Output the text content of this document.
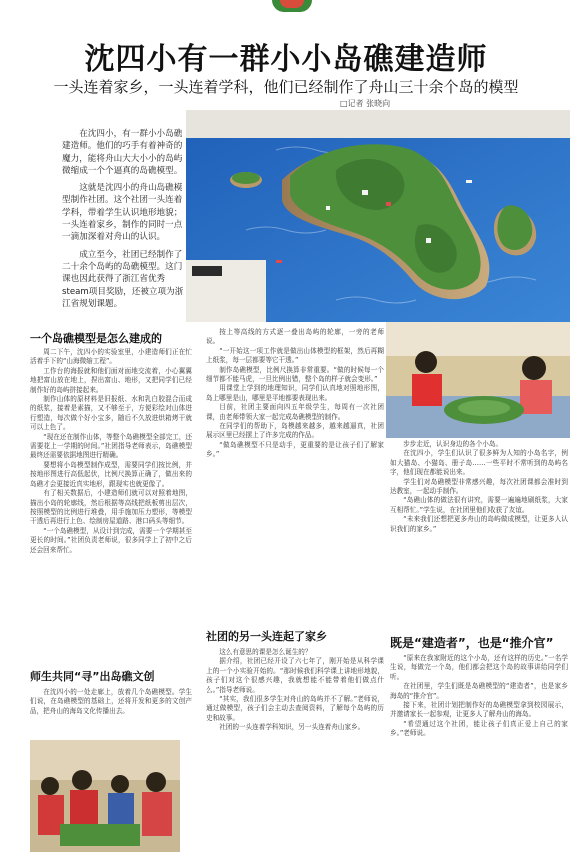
沈四小有一群小小岛礁建造师
一头连着家乡，一头连着学科，他们已经制作了舟山三十余个岛的模型
□记者 张晓向

在沈四小，有一群小小岛礁建造师。他们的巧手有着神奇的魔力，能将舟山大大小小的岛屿微缩成一个个逼真的岛礁模型。

这就是沈四小的舟山岛礁模型制作社团。这个社团一头连着学科，带着学生认识地形地貌；一头连着家乡，制作的同时一点一滴加深着对舟山的认识。

成立至今，社团已经制作了二十余个岛屿的岛礁模型。这门课也因此获得了浙江省优秀steam项目奖励，还被立项为浙江省规划课题。

一个岛礁模型是怎么建成的

周二下午，沈四小的实验室里，小建造师们正在忙活着手下的“山海微缩工程”。

工作台的海报就和他们面对面地交流着，小心翼翼地把富山放在地上，捏出富山、地形，又把同学们已经制作好的岛屿拼接起来。

制作山体的原材料是旧报纸、水和乳白胶混合而成的纸浆，接着是素描，又不够至于，方便彩绘对山体进行塑造，每次做个好小宝多，随后不久放进烘箱烤干就可以上色了。

“现在还在制作山体，等整个岛礁模型全部完工，还需要花上一学期的时间。”社团指导老师表示，岛礁模型最终还需要依据地图进行精确。

要想将小岛模型制作成型，需要同学们按比例，并按地形图进行高低起伏，比例尺换算正确了，做出来的岛礁才会更接近真实地形，跟现实也就更像了。

有了相关数据后，小建造师们就可以对照着地图，描出小岛的轮廓线，然后根据等高线把纸板剪出层次，按照模型的比例进行堆叠，用手施加压力塑形，等模型干透后再进行上色、绘制房屋道路、港口码头等细节。

“一个岛礁模型，从设计到完成，需要一个学期甚至更长的时间。”社团负责老师说，很多同学上了初中之后还会回来帮忙。

师生共同“寻”出岛礁文创

在沈四小的一处走廊上，放着几个岛礁模型。学生们说，在岛礁模型的基础上，还将开发和更多的文创产品，把舟山的海岛文化传播出去。

按上等高线的方式逐一叠出岛屿的轮廓，一旁的老师说。

“一开始这一项工作就是做出山体模型的框架，然后再糊上纸浆，每一层都要等它干透。”

制作岛礁模型，比例尺换算非常重要。“做的时候每一个细节都不能马虎，一旦比例出错，整个岛的样子就会变形。”

用课堂上学到的地理知识，同学们认真地对照地形图，岛上哪里是山，哪里是平地都要表现出来。

目前，社团主要面向四五年级学生，每周有一次社团课，由老师带领大家一起完成岛礁模型的制作。

在同学们的帮助下，岛模越来越多，越来越逼真，社团展示区里已经摆上了许多完成的作品。

“做岛礁模型不只是动手，更重要的是让孩子们了解家乡。”

社团的另一头连起了家乡

这么有意思的课是怎么诞生的？

据介绍，社团已经开设了六七年了，刚开始是从科学课上的一个小实验开始的。“那时候我们科学课上讲地形地貌，孩子们对这个很感兴趣，我就想能不能带着他们做点什么。”指导老师说。

“其实，我们很多学生对舟山的岛屿并不了解。”老师说，通过做模型，孩子们会主动去查阅资料，了解每个岛屿的历史和故事。

社团的一头连着学科知识，另一头连着舟山家乡。

步步走近，认识身边的各个小岛。

在沈四小，学生们认识了很多鲜为人知的小岛名字，例如大猫岛、小猫岛、册子岛……一些平时不常听到的岛屿名字，他们现在都能说出来。

学生们对岛礁模型非常感兴趣，每次社团课都会准时到达教室，一起动手制作。

“岛礁山体的做法很有讲究，需要一遍遍地刷纸浆，大家互相帮忙。”学生说，在社团里他们收获了友谊。

“未来我们还想把更多舟山的岛屿做成模型，让更多人认识我们的家乡。”

既是“建造者”，也是“推介官”

“原来在我家附近的这个小岛，还有这样的历史。”一名学生说，每做完一个岛，他们都会把这个岛的故事讲给同学们听。

在社团里，学生们既是岛礁模型的“建造者”，也是家乡海岛的“推介官”。

接下来，社团计划把制作好的岛礁模型拿到校园展示，并邀请家长一起参观，让更多人了解舟山的海岛。

“希望通过这个社团，能让孩子们真正爱上自己的家乡。”老师说。
